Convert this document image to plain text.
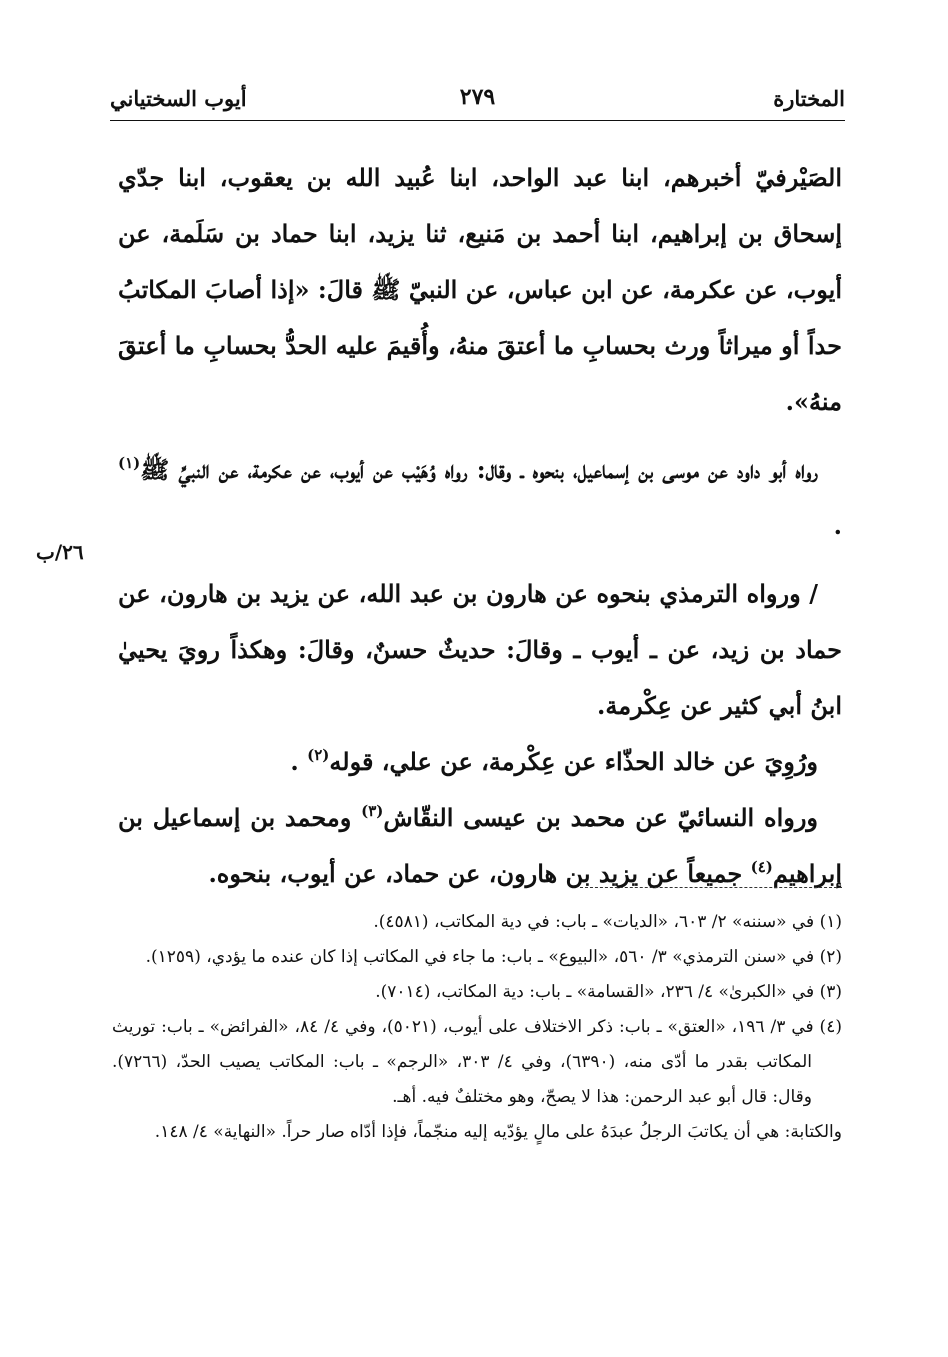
المختارة
٢٧٩
أيوب السختياني
٢٦/ب

الصَيْرفيّ أخبرهم، ابنا عبد الواحد، ابنا عُبيد الله بن يعقوب، ابنا جدّي إسحاق بن إبراهيم، ابنا أحمد بن مَنيع، ثنا يزيد، ابنا حماد بن سَلَمة، عن أيوب، عن عكرمة، عن ابن عباس، عن النبيّ ﷺ قالَ: «إذا أصابَ المكاتبُ حداً أو ميراثاً ورث بحسابِ ما أعتقَ منهُ، وأُقيمَ عليه الحدُّ بحسابِ ما أعتقَ منهُ».

رواه أبو داود عن موسى بن إسماعيل، بنحوه ـ وقال: رواه وُهَيْب عن أيوب، عن عكرمة، عن النبيِّ ﷺ$^{(١)}$ .

/ ورواه الترمذي بنحوه عن هارون بن عبد الله، عن يزيد بن هارون، عن حماد بن زيد، عن ـ أيوب ـ وقالَ: حديثٌ حسنٌ، وقالَ: وهكذاً رويَ يحييٰ ابنُ أبي كثير عن عِكْرمة.

ورُوِيَ عن خالد الحذّاء عن عِكْرمة، عن علي، قوله$^{(٢)}$ .

ورواه النسائيّ عن محمد بن عيسى النقّاش$^{(٣)}$ ومحمد بن إسماعيل بن إبراهيم$^{(٤)}$ جميعاً عن يزيد بن هارون، عن حماد، عن أيوب، بنحوه.

(١) في «سننه» ٢/ ٦٠٣، «الديات» ـ باب: في دية المكاتب، (٤٥٨١).

(٢) في «سنن الترمذي» ٣/ ٥٦٠، «البيوع» ـ باب: ما جاء في المكاتب إذا كان عنده ما يؤدي، (١٢٥٩).

(٣) في «الكبرىٰ» ٤/ ٢٣٦، «القسامة» ـ باب: دية المكاتب، (٧٠١٤).

(٤) في ٣/ ١٩٦، «العتق» ـ باب: ذكر الاختلاف على أيوب، (٥٠٢١)، وفي ٤/ ٨٤، «الفرائض» ـ باب: توريث المكاتب بقدر ما أدّى منه، (٦٣٩٠)، وفي ٤/ ٣٠٣، «الرجم» ـ باب: المكاتب يصيب الحدّ، (٧٢٦٦). وقال: قال أبو عبد الرحمن: هذا لا يصحّ، وهو مختلفٌ فيه. أهـ.

والكتابة: هي أن يكاتبَ الرجلُ عبدَهُ على مالٍ يؤدّيه إليه منجّماً، فإذا أدّاه صار حراً. «النهاية» ٤/ ١٤٨.
